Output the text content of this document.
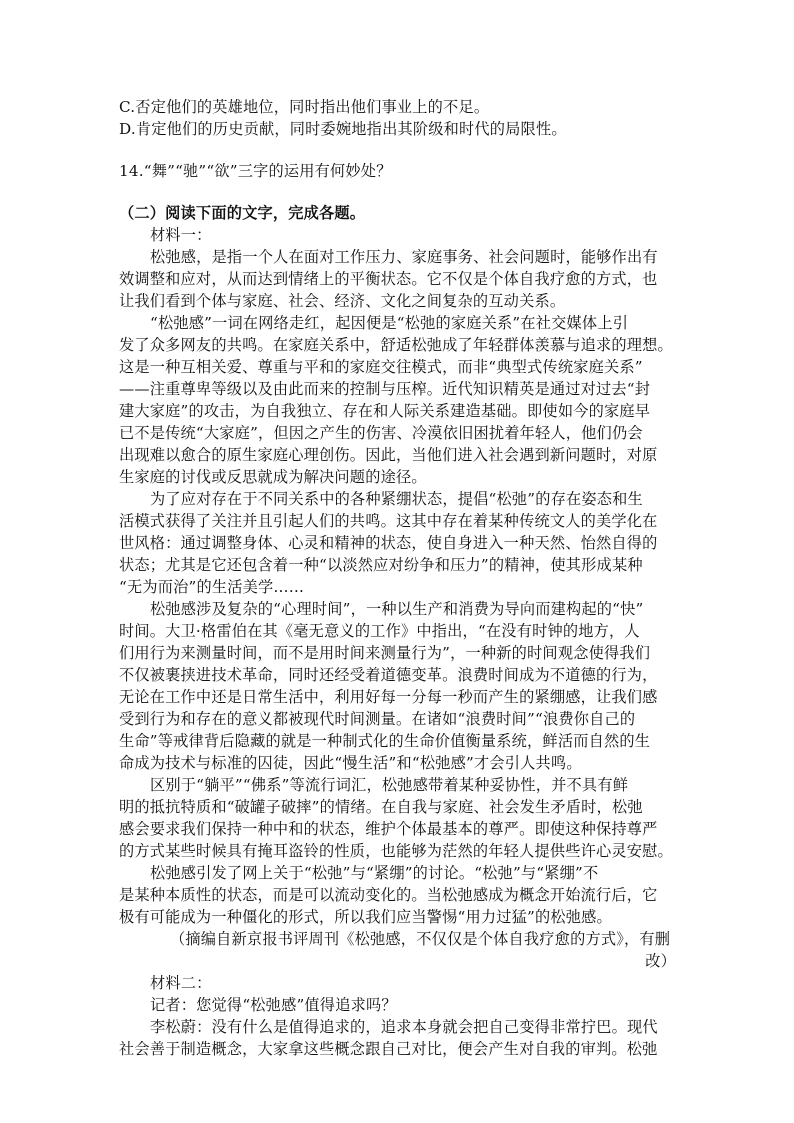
C.否定他们的英雄地位，同时指出他们事业上的不足。
D.肯定他们的历史贡献，同时委婉地指出其阶级和时代的局限性。
14.“舞”“驰”“欲”三字的运用有何妙处？
（二）阅读下面的文字，完成各题。
材料一：
松弛感，是指一个人在面对工作压力、家庭事务、社会问题时，能够作出有
效调整和应对，从而达到情绪上的平衡状态。它不仅是个体自我疗愈的方式，也
让我们看到个体与家庭、社会、经济、文化之间复杂的互动关系。
“松弛感”一词在网络走红，起因便是“松弛的家庭关系”在社交媒体上引
发了众多网友的共鸣。在家庭关系中，舒适松弛成了年轻群体羡慕与追求的理想。
这是一种互相关爱、尊重与平和的家庭交往模式，而非“典型式传统家庭关系”
——注重尊卑等级以及由此而来的控制与压榨。近代知识精英是通过对过去“封
建大家庭”的攻击，为自我独立、存在和人际关系建造基础。即使如今的家庭早
已不是传统“大家庭”，但因之产生的伤害、冷漠依旧困扰着年轻人，他们仍会
出现难以愈合的原生家庭心理创伤。因此，当他们进入社会遇到新问题时，对原
生家庭的讨伐或反思就成为解决问题的途径。
为了应对存在于不同关系中的各种紧绷状态，提倡“松弛”的存在姿态和生
活模式获得了关注并且引起人们的共鸣。这其中存在着某种传统文人的美学化在
世风格：通过调整身体、心灵和精神的状态，使自身进入一种天然、怡然自得的
状态；尤其是它还包含着一种“以淡然应对纷争和压力”的精神，使其形成某种
“无为而治”的生活美学……
松弛感涉及复杂的“心理时间”，一种以生产和消费为导向而建构起的“快”
时间。大卫·格雷伯在其《毫无意义的工作》中指出，“在没有时钟的地方，人
们用行为来测量时间，而不是用时间来测量行为”，一种新的时间观念使得我们
不仅被裹挟进技术革命，同时还经受着道德变革。浪费时间成为不道德的行为，
无论在工作中还是日常生活中，利用好每一分每一秒而产生的紧绷感，让我们感
受到行为和存在的意义都被现代时间测量。在诸如“浪费时间”“浪费你自己的
生命”等戒律背后隐藏的就是一种制式化的生命价值衡量系统，鲜活而自然的生
命成为技术与标准的囚徒，因此“慢生活”和“松弛感”才会引人共鸣。
区别于“躺平”“佛系”等流行词汇，松弛感带着某种妥协性，并不具有鲜
明的抵抗特质和“破罐子破摔”的情绪。在自我与家庭、社会发生矛盾时，松弛
感会要求我们保持一种中和的状态，维护个体最基本的尊严。即使这种保持尊严
的方式某些时候具有掩耳盗铃的性质，也能够为茫然的年轻人提供些许心灵安慰。
松弛感引发了网上关于“松弛”与“紧绷”的讨论。“松弛”与“紧绷”不
是某种本质性的状态，而是可以流动变化的。当松弛感成为概念开始流行后，它
极有可能成为一种僵化的形式，所以我们应当警惕“用力过猛”的松弛感。
（摘编自新京报书评周刊《松弛感，不仅仅是个体自我疗愈的方式》，有删
改）
材料二：
记者：您觉得“松弛感”值得追求吗？
李松蔚：没有什么是值得追求的，追求本身就会把自己变得非常拧巴。现代
社会善于制造概念，大家拿这些概念跟自己对比，便会产生对自我的审判。松弛
